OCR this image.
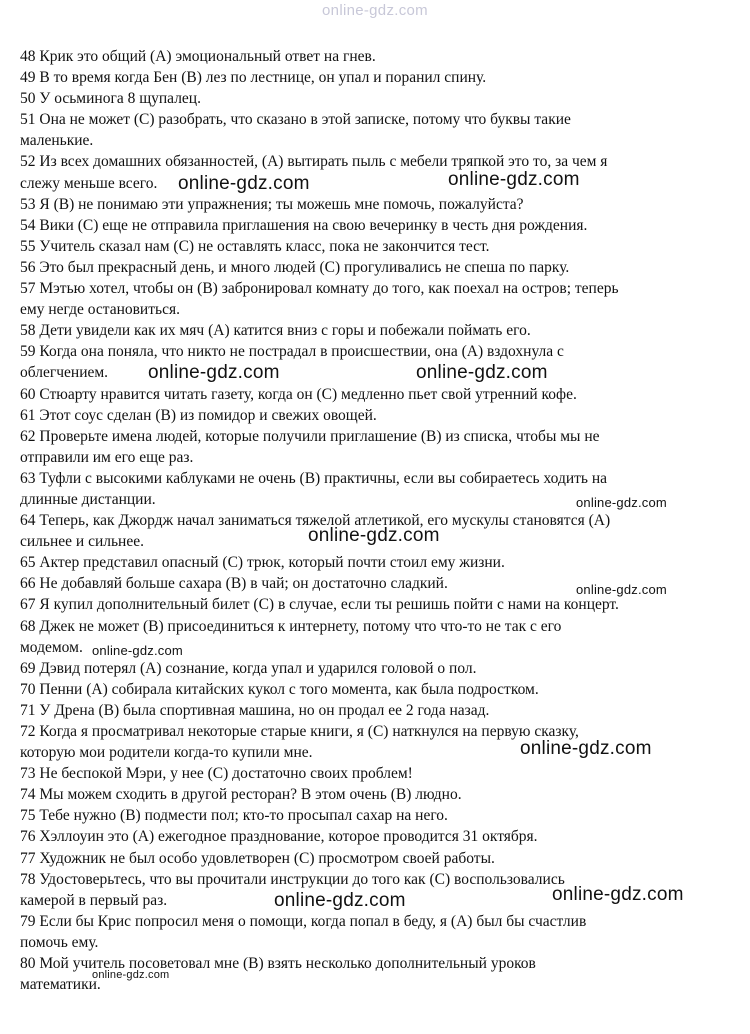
online-gdz.com
48 Крик это общий (А) эмоциональный ответ на гнев.
49 В то время когда Бен (В) лез по лестнице, он упал и поранил спину.
50 У осьминога 8 щупалец.
51 Она не может (С) разобрать, что сказано в этой записке, потому что буквы такие
маленькие.
52 Из всех домашних обязанностей, (А) вытирать пыль с мебели тряпкой это то, за чем я
слежу меньше всего. online-gdz.com	online-gdz.com
53 Я (В) не понимаю эти упражнения; ты можешь мне помочь, пожалуйста?
54 Вики (С) еще не отправила приглашения на свою вечеринку в честь дня рождения.
55 Учитель сказал нам (С) не оставлять класс, пока не закончится тест.
56 Это был прекрасный день, и много людей (С) прогуливались не спеша по парку.
57 Мэтью хотел, чтобы он (В) забронировал комнату до того, как поехал на остров; теперь
ему негде остановиться.
58 Дети увидели как их мяч (А) катится вниз с горы и побежали поймать его.
59 Когда она поняла, что никто не пострадал в происшествии, она (А) вздохнула с
облегчением. online-gdz.com	online-gdz.com
60 Стюарту нравится читать газету, когда он (С) медленно пьет свой утренний кофе.
61 Этот соус сделан (В) из помидор и свежих овощей.
62 Проверьте имена людей, которые получили приглашение (В) из списка, чтобы мы не
отправили им его еще раз.
63 Туфли с высокими каблуками не очень (В) практичны, если вы собираетесь ходить на
длинные дистанции.	online-gdz.com
64 Теперь, как Джордж начал заниматься тяжелой атлетикой, его мускулы становятся (А)
сильнее и сильнее.	online-gdz.com
65 Актер представил опасный (С) трюк, который почти стоил ему жизни.
66 Не добавляй больше сахара (В) в чай; он достаточно сладкий.	online-gdz.com
67 Я купил дополнительный билет (С) в случае, если ты решишь пойти с нами на концерт.
68 Джек не может (В) присоединиться к интернету, потому что что-то не так с его
модемом. online-gdz.com
69 Дэвид потерял (А) сознание, когда упал и ударился головой о пол.
70 Пенни (А) собирала китайских кукол с того момента, как была подростком.
71 У Дрена (В) была спортивная машина, но он продал ее 2 года назад.
72 Когда я просматривал некоторые старые книги, я (С) наткнулся на первую сказку,
которую мои родители когда-то купили мне.	online-gdz.com
73 Не беспокой Мэри, у нее (С) достаточно своих проблем!
74 Мы можем сходить в другой ресторан? В этом очень (В) людно.
75 Тебе нужно (В) подмести пол; кто-то просыпал сахар на него.
76 Хэллоуин это (А) ежегодное празднование, которое проводится 31 октября.
77 Художник не был особо удовлетворен (С) просмотром своей работы.
78 Удостоверьтесь, что вы прочитали инструкции до того как (С) воспользовались
камерой в первый раз.	online-gdz.com	online-gdz.com
79 Если бы Крис попросил меня о помощи, когда попал в беду, я (А) был бы счастлив
помочь ему.
80 Мой учитель посоветовал мне (В) взять несколько дополнительный уроков
online-gdz.com
математики.
